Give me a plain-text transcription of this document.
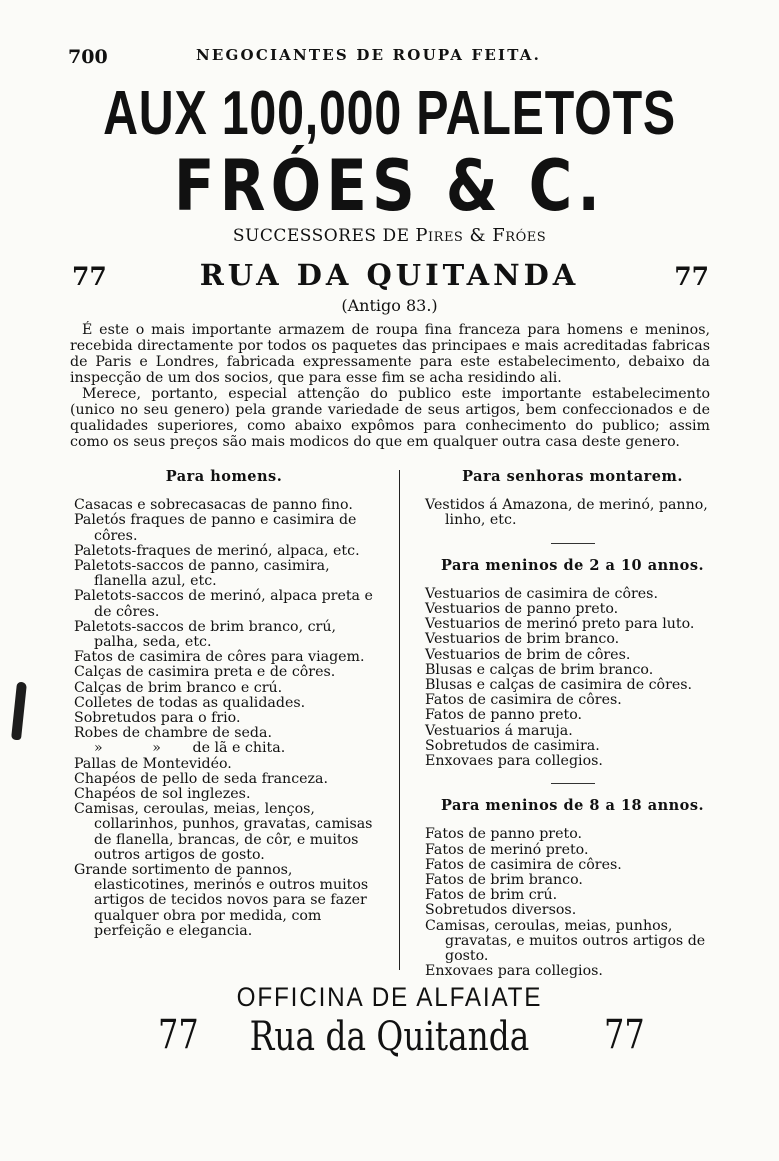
700	NEGOCIANTES DE ROUPA FEITA.
AUX 100,000 PALETOTS
FRÓES & C.
SUCCESSORES DE Pires & Fróes
77	RUA DA QUITANDA	77
(Antigo 83.)

É este o mais importante armazem de roupa fina franceza para homens e meninos, recebida directamente por todos os paquetes das principaes e mais acreditadas fabricas de Paris e Londres, fabricada expressamente para este estabelecimento, debaixo da inspecção de um dos socios, que para esse fim se acha residindo ali.

Merece, portanto, especial attenção do publico este importante estabelecimento (unico no seu genero) pela grande variedade de seus artigos, bem confeccionados e de qualidades superiores, como abaixo expômos para conhecimento do publico; assim como os seus preços são mais modicos do que em qualquer outra casa deste genero.

Para homens.
Casacas e sobrecasacas de panno fino.
Paletós fraques de panno e casimira de côres.
Paletots-fraques de merinó, alpaca, etc.
Paletots-saccos de panno, casimira, flanella azul, etc.
Paletots-saccos de merinó, alpaca preta e de côres.
Paletots-saccos de brim branco, crú, palha, seda, etc.
Fatos de casimira de côres para viagem.
Calças de casimira preta e de côres.
Calças de brim branco e crú.
Colletes de todas as qualidades.
Sobretudos para o frio.
Robes de chambre de seda.
»           »       de lã e chita.
Pallas de Montevidéo.
Chapéos de pello de seda franceza.
Chapéos de sol inglezes.
Camisas, ceroulas, meias, lenços, collarinhos, punhos, gravatas, camisas de flanella, brancas, de côr, e muitos outros artigos de gosto.
Grande sortimento de pannos, elasticotines, merinós e outros muitos artigos de tecidos novos para se fazer qualquer obra por medida, com perfeição e elegancia.
Para senhoras montarem.
Vestidos á Amazona, de merinó, panno, linho, etc.
Para meninos de 2 a 10 annos.
Vestuarios de casimira de côres.
Vestuarios de panno preto.
Vestuarios de merinó preto para luto.
Vestuarios de brim branco.
Vestuarios de brim de côres.
Blusas e calças de brim branco.
Blusas e calças de casimira de côres.
Fatos de casimira de côres.
Fatos de panno preto.
Vestuarios á maruja.
Sobretudos de casimira.
Enxovaes para collegios.
Para meninos de 8 a 18 annos.
Fatos de panno preto.
Fatos de merinó preto.
Fatos de casimira de côres.
Fatos de brim branco.
Fatos de brim crú.
Sobretudos diversos.
Camisas, ceroulas, meias, punhos, gravatas, e muitos outros artigos de gosto.
Enxovaes para collegios.
OFFICINA DE ALFAIATE
77	Rua da Quitanda	77
